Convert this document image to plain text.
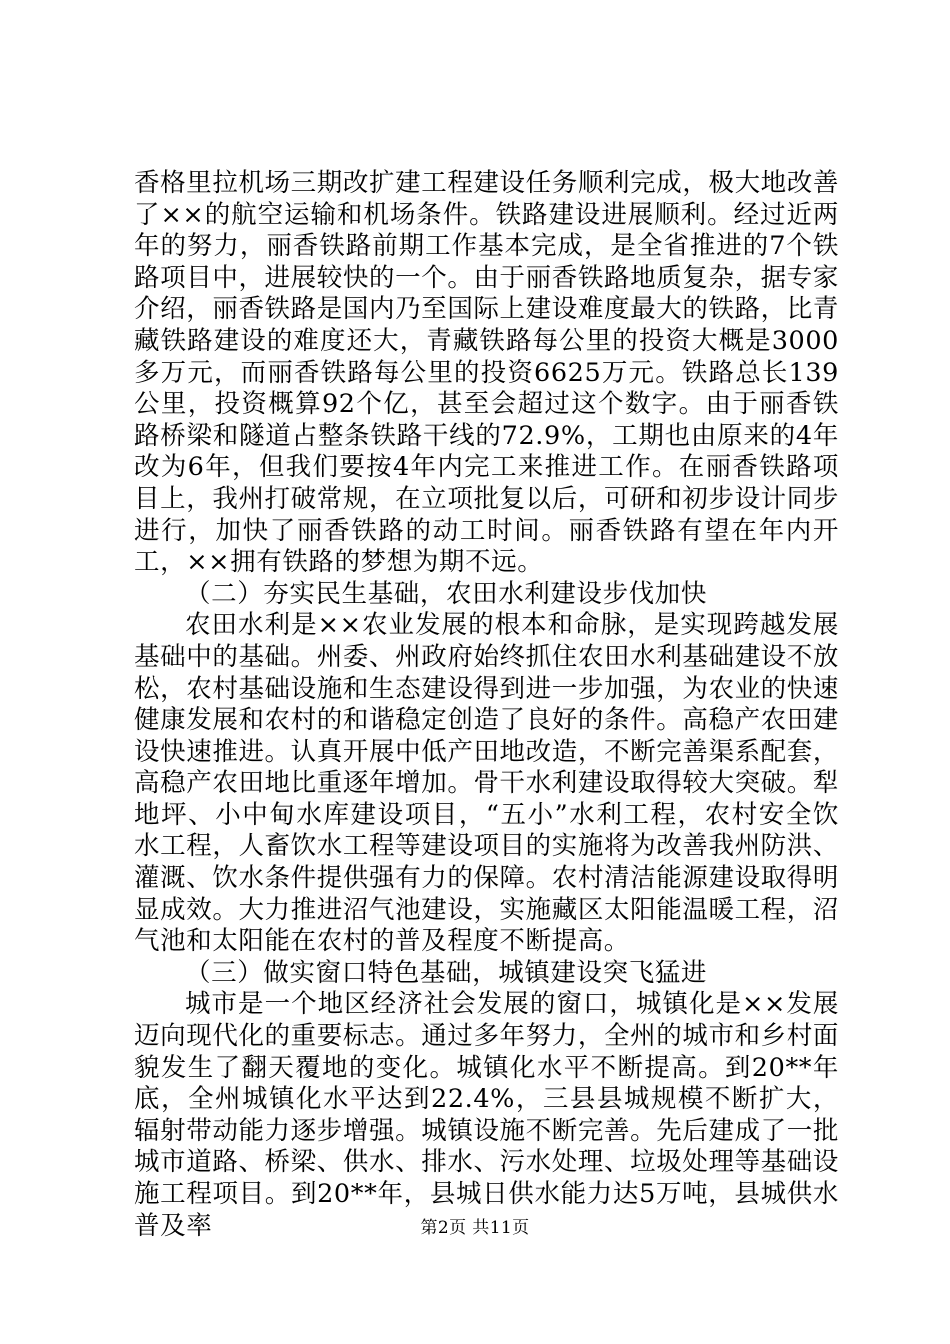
香格里拉机场三期改扩建工程建设任务顺利完成，极大地改善了××的航空运输和机场条件。铁路建设进展顺利。经过近两年的努力，丽香铁路前期工作基本完成，是全省推进的7个铁路项目中，进展较快的一个。由于丽香铁路地质复杂，据专家介绍，丽香铁路是国内乃至国际上建设难度最大的铁路，比青藏铁路建设的难度还大，青藏铁路每公里的投资大概是3000多万元，而丽香铁路每公里的投资6625万元。铁路总长139公里，投资概算92个亿，甚至会超过这个数字。由于丽香铁路桥梁和隧道占整条铁路干线的72.9%，工期也由原来的4年改为6年，但我们要按4年内完工来推进工作。在丽香铁路项目上，我州打破常规，在立项批复以后，可研和初步设计同步进行，加快了丽香铁路的动工时间。丽香铁路有望在年内开工，××拥有铁路的梦想为期不远。

（二）夯实民生基础，农田水利建设步伐加快

农田水利是××农业发展的根本和命脉，是实现跨越发展基础中的基础。州委、州政府始终抓住农田水利基础建设不放松，农村基础设施和生态建设得到进一步加强，为农业的快速健康发展和农村的和谐稳定创造了良好的条件。高稳产农田建设快速推进。认真开展中低产田地改造，不断完善渠系配套，高稳产农田地比重逐年增加。骨干水利建设取得较大突破。犁地坪、小中甸水库建设项目，“五小”水利工程，农村安全饮水工程，人畜饮水工程等建设项目的实施将为改善我州防洪、灌溉、饮水条件提供强有力的保障。农村清洁能源建设取得明显成效。大力推进沼气池建设，实施藏区太阳能温暖工程，沼气池和太阳能在农村的普及程度不断提高。

（三）做实窗口特色基础，城镇建设突飞猛进

城市是一个地区经济社会发展的窗口，城镇化是××发展迈向现代化的重要标志。通过多年努力，全州的城市和乡村面貌发生了翻天覆地的变化。城镇化水平不断提高。到20**年底，全州城镇化水平达到22.4%，三县县城规模不断扩大，辐射带动能力逐步增强。城镇设施不断完善。先后建成了一批城市道路、桥梁、供水、排水、污水处理、垃圾处理等基础设施工程项目。到20**年，县城日供水能力达5万吨，县城供水普及率	第2页 共11页
